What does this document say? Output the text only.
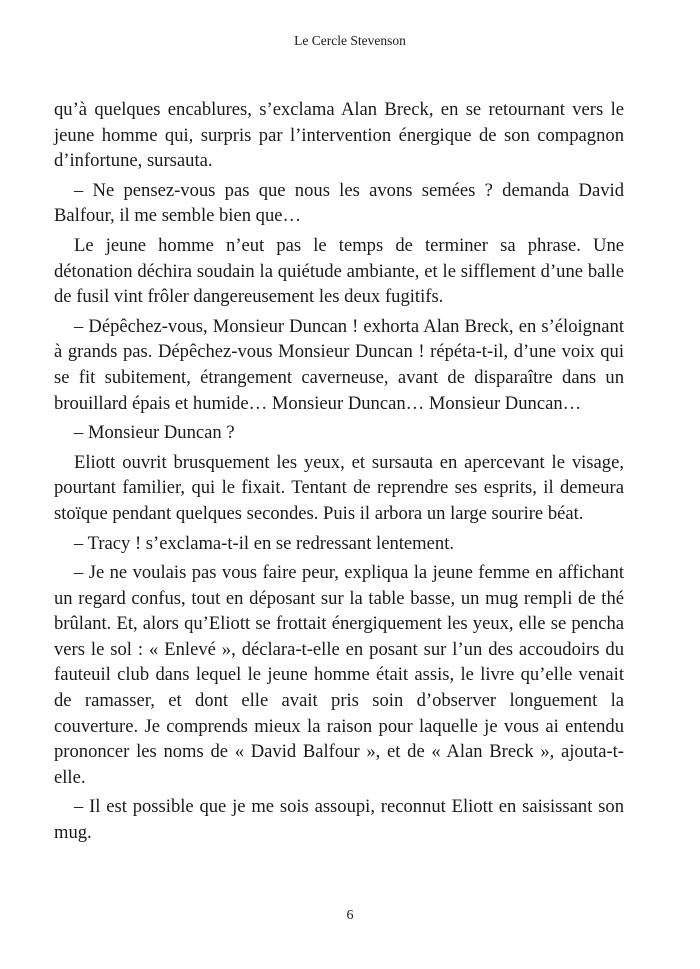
Le Cercle Stevenson

qu’à quelques encablures, s’exclama Alan Breck, en se retournant vers le jeune homme qui, surpris par l’intervention énergique de son compagnon d’infortune, sursauta.

– Ne pensez-vous pas que nous les avons semées ? demanda David Balfour, il me semble bien que…

Le jeune homme n’eut pas le temps de terminer sa phrase. Une détonation déchira soudain la quiétude ambiante, et le sifflement d’une balle de fusil vint frôler dangereusement les deux fugitifs.

– Dépêchez-vous, Monsieur Duncan ! exhorta Alan Breck, en s’éloignant à grands pas. Dépêchez-vous Monsieur Duncan ! répéta-t-il, d’une voix qui se fit subitement, étrangement caverneuse, avant de disparaître dans un brouillard épais et humide… Monsieur Duncan… Monsieur Duncan…

– Monsieur Duncan ?

Eliott ouvrit brusquement les yeux, et sursauta en apercevant le visage, pourtant familier, qui le fixait. Tentant de reprendre ses esprits, il demeura stoïque pendant quelques secondes. Puis il arbora un large sourire béat.

– Tracy ! s’exclama-t-il en se redressant lentement.

– Je ne voulais pas vous faire peur, expliqua la jeune femme en affichant un regard confus, tout en déposant sur la table basse, un mug rempli de thé brûlant. Et, alors qu’Eliott se frottait énergiquement les yeux, elle se pencha vers le sol : « Enlevé », déclara-t-elle en posant sur l’un des accoudoirs du fauteuil club dans lequel le jeune homme était assis, le livre qu’elle venait de ramasser, et dont elle avait pris soin d’observer longuement la couverture. Je comprends mieux la raison pour laquelle je vous ai entendu prononcer les noms de « David Balfour », et de « Alan Breck », ajouta-t-elle.

– Il est possible que je me sois assoupi, reconnut Eliott en saisissant son mug.

6
